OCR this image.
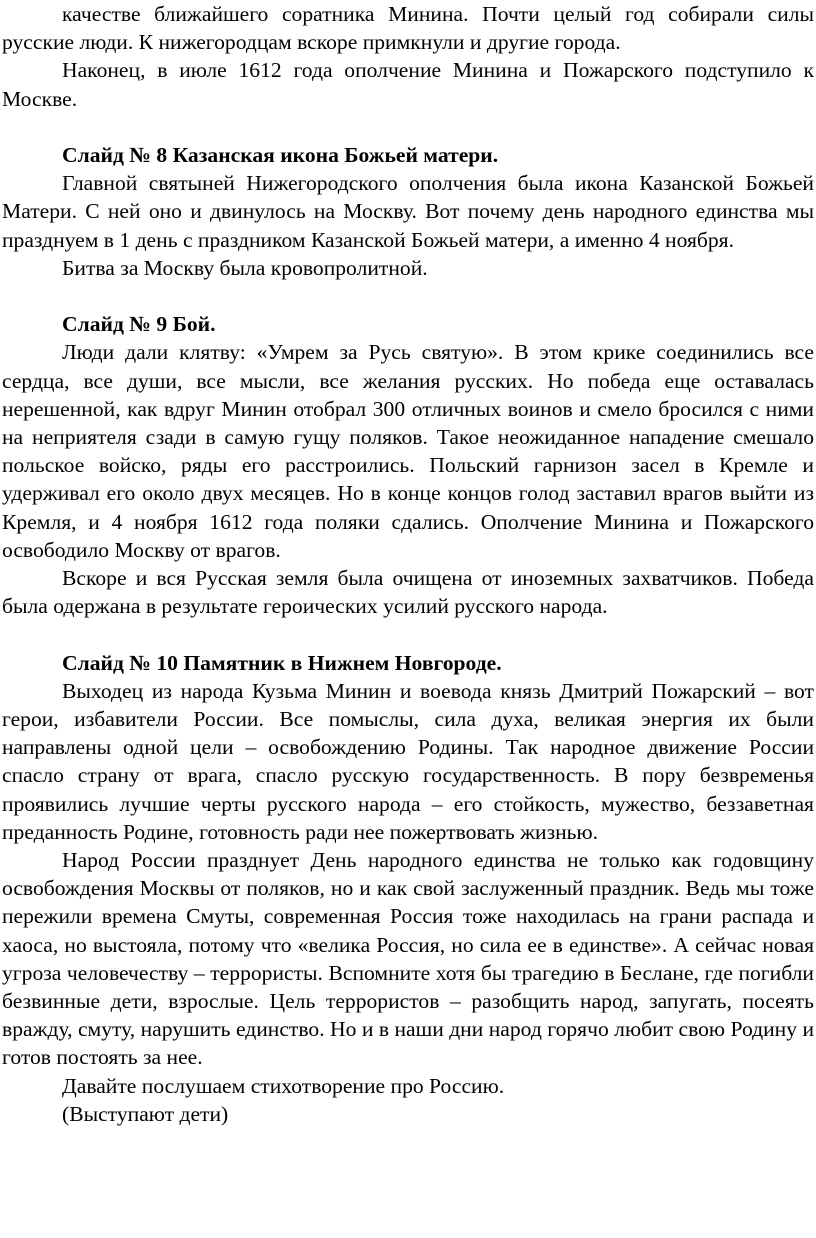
качестве ближайшего соратника Минина. Почти целый год собирали силы русские люди. К нижегородцам вскоре примкнули и другие города.

Наконец, в июле 1612 года ополчение Минина и Пожарского подступило к Москве.

Слайд № 8 Казанская икона Божьей матери.

Главной святыней Нижегородского ополчения была икона Казанской Божьей Матери. С ней оно и двинулось на Москву. Вот почему день народного единства мы празднуем в 1 день с праздником Казанской Божьей матери, а именно 4 ноября.

Битва за Москву была кровопролитной.

Слайд № 9 Бой.

Люди дали клятву: «Умрем за Русь святую». В этом крике соединились все сердца, все души, все мысли, все желания русских. Но победа еще оставалась нерешенной, как вдруг Минин отобрал 300 отличных воинов и смело бросился с ними на неприятеля сзади в самую гущу поляков. Такое неожиданное нападение смешало польское войско, ряды его расстроились. Польский гарнизон засел в Кремле и удерживал его около двух месяцев. Но в конце концов голод заставил врагов выйти из Кремля, и 4 ноября 1612 года поляки сдались. Ополчение Минина и Пожарского освободило Москву от врагов.

Вскоре и вся Русская земля была очищена от иноземных захватчиков. Победа была одержана в результате героических усилий русского народа.

Слайд № 10 Памятник в Нижнем Новгороде.

Выходец из народа Кузьма Минин и воевода князь Дмитрий Пожарский – вот герои, избавители России. Все помыслы, сила духа, великая энергия их были направлены одной цели – освобождению Родины. Так народное движение России спасло страну от врага, спасло русскую государственность. В пору безвременья проявились лучшие черты русского народа – его стойкость, мужество, беззаветная преданность Родине, готовность ради нее пожертвовать жизнью.

Народ России празднует День народного единства не только как годовщину освобождения Москвы от поляков, но и как свой заслуженный праздник. Ведь мы тоже пережили времена Смуты, современная Россия тоже находилась на грани распада и хаоса, но выстояла, потому что «велика Россия, но сила ее в единстве». А сейчас новая угроза человечеству – террористы. Вспомните хотя бы трагедию в Беслане, где погибли безвинные дети, взрослые. Цель террористов – разобщить народ, запугать, посеять вражду, смуту, нарушить единство. Но и в наши дни народ горячо любит свою Родину и готов постоять за нее.

Давайте послушаем стихотворение про Россию.

(Выступают дети)
